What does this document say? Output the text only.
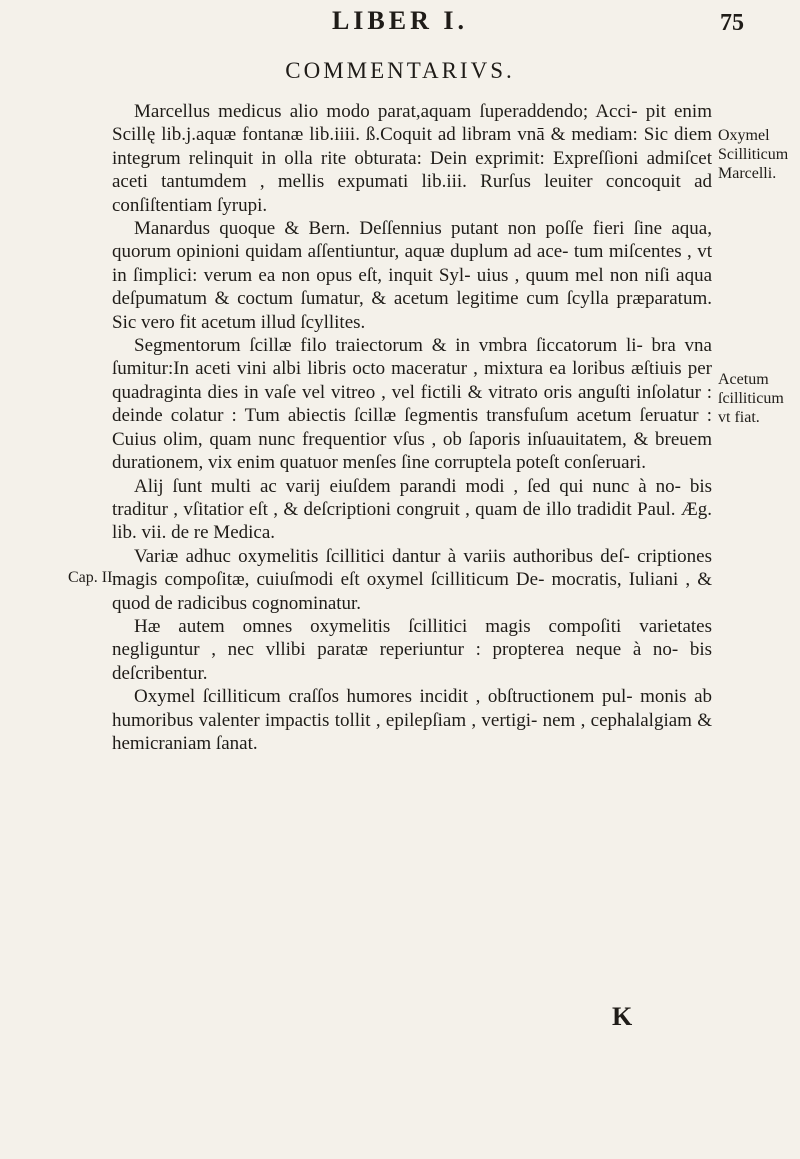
LIBER I.	75
COMMENTARIVS.

Marcellus medicus alio modo parat,aquam ſuperaddendo; Acci- pit enim Scillę lib.j.aquæ fontanæ lib.iiii. ß.Coquit ad libram vnā & mediam: Sic diem integrum relinquit in olla rite obturata: Dein exprimit: Expreſſioni admiſcet aceti tantumdem , mellis expumati lib.iii. Rurſus leuiter concoquit ad conſiſtentiam ſyrupi.

Manardus quoque & Bern. Deſſennius putant non poſſe fieri ſine aqua, quorum opinioni quidam aſſentiuntur, aquæ duplum ad ace- tum miſcentes , vt in ſimplici: verum ea non opus eſt, inquit Syl- uius , quum mel non niſi aqua deſpumatum & coctum ſumatur, & acetum legitime cum ſcylla præparatum. Sic vero fit acetum illud ſcyllites.

Segmentorum ſcillæ filo traiectorum & in vmbra ſiccatorum li- bra vna ſumitur:In aceti vini albi libris octo maceratur , mixtura ea loribus æſtiuis per quadraginta dies in vaſe vel vitreo , vel fictili & vitrato oris anguſti inſolatur : deinde colatur : Tum abiectis ſcillæ ſegmentis transfuſum acetum ſeruatur : Cuius olim, quam nunc frequentior vſus , ob ſaporis inſuauitatem, & breuem durationem, vix enim quatuor menſes ſine corruptela poteſt conſeruari.

Alij ſunt multi ac varij eiuſdem parandi modi , ſed qui nunc à no- bis traditur , vſitatior eſt , & deſcriptioni congruit , quam de illo tradidit Paul. Æg. lib. vii. de re Medica.

Variæ adhuc oxymelitis ſcillitici dantur à variis authoribus deſ- criptiones magis compoſitæ, cuiuſmodi eſt oxymel ſcilliticum De- mocratis, Iuliani , & quod de radicibus cognominatur.

Hæ autem omnes oxymelitis ſcillitici magis compoſiti varietates negliguntur , nec vllibi paratæ reperiuntur : propterea neque à no- bis deſcribentur.

Oxymel ſcilliticum craſſos humores incidit , obſtructionem pul- monis ab humoribus valenter impactis tollit , epilepſiam , vertigi- nem , cephalalgiam & hemicraniam ſanat.

Oxymel
Scilliticum
Marcelli.
Acetum
ſcilliticum
vt fiat.
Cap. II.
K
